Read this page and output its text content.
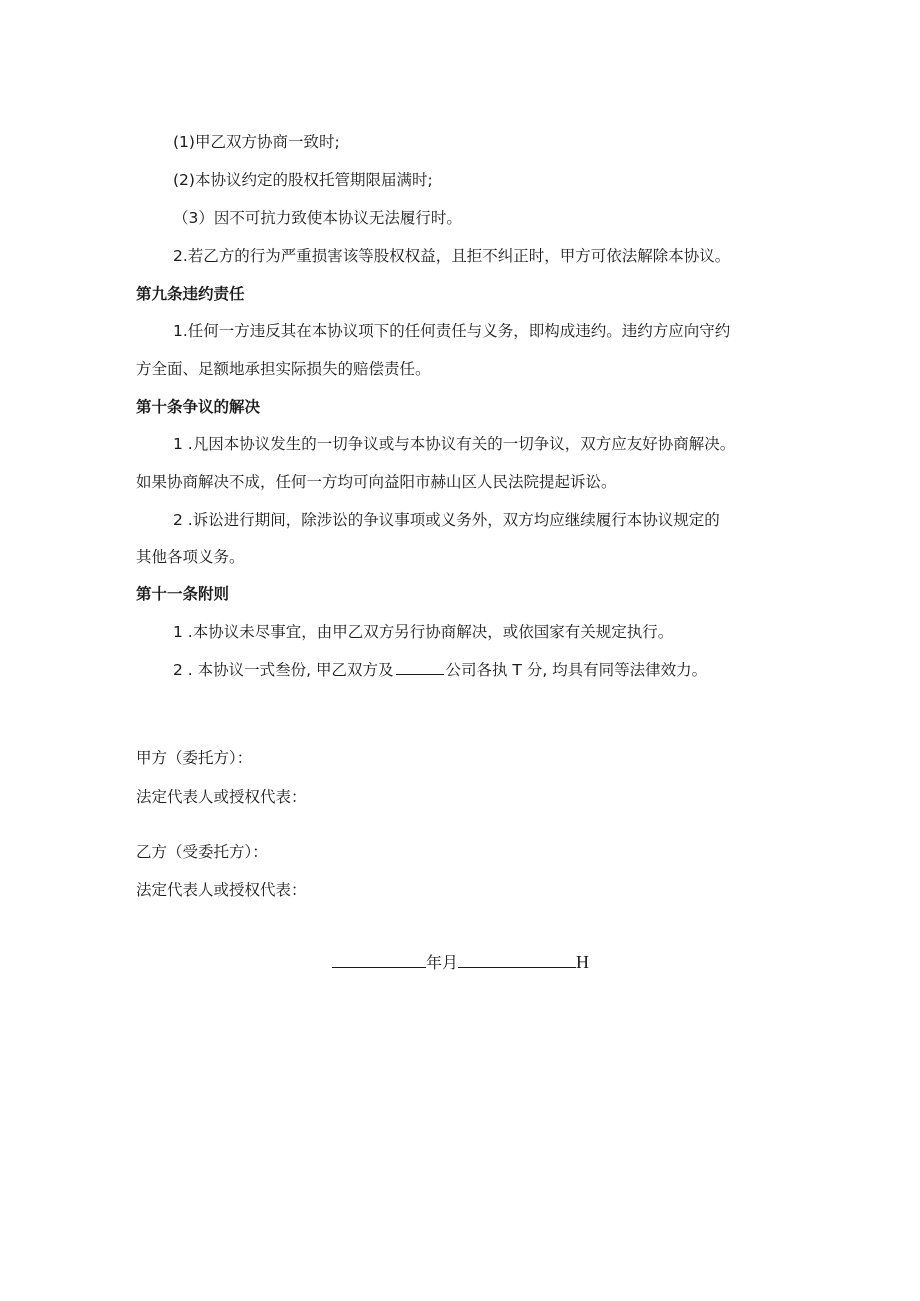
(1)甲乙双方协商一致时;
(2)本协议约定的股权托管期限届满时;
（3）因不可抗力致使本协议无法履行时。
2.若乙方的行为严重损害该等股权权益，且拒不纠正时，甲方可依法解除本协议。
第九条违约责任
1.任何一方违反其在本协议项下的任何责任与义务，即构成违约。违约方应向守约
方全面、足额地承担实际损失的赔偿责任。
第十条争议的解决
1 .凡因本协议发生的一切争议或与本协议有关的一切争议，双方应友好协商解决。
如果协商解决不成，任何一方均可向益阳市赫山区人民法院提起诉讼。
2 .诉讼进行期间，除涉讼的争议事项或义务外，双方均应继续履行本协议规定的
其他各项义务。
第十一条附则
1 .本协议未尽事宜，由甲乙双方另行协商解决，或依国家有关规定执行。
2 . 本协议一式叁份, 甲乙双方及	公司各执 T 分, 均具有同等法律效力。
甲方（委托方）：
法定代表人或授权代表：
乙方（受委托方）：
法定代表人或授权代表：
年月	H
